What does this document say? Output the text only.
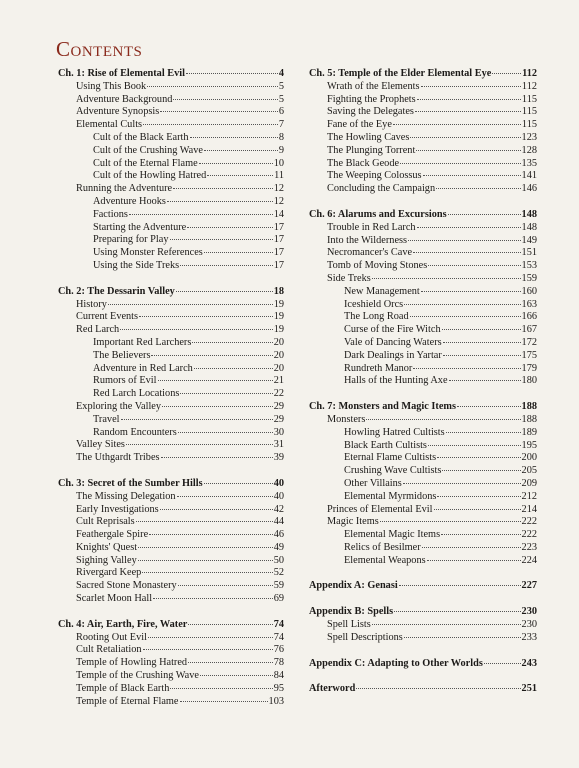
Contents
Ch. 1: Rise of Elemental Evil	4
Using This Book	5
Adventure Background	5
Adventure Synopsis	6
Elemental Cults	7
Cult of the Black Earth	8
Cult of the Crushing Wave	9
Cult of the Eternal Flame	10
Cult of the Howling Hatred	11
Running the Adventure	12
Adventure Hooks	12
Factions	14
Starting the Adventure	17
Preparing for Play	17
Using Monster References	17
Using the Side Treks	17
Ch. 2: The Dessarin Valley	18
History	19
Current Events	19
Red Larch	19
Important Red Larchers	20
The Believers	20
Adventure in Red Larch	20
Rumors of Evil	21
Red Larch Locations	22
Exploring the Valley	29
Travel	29
Random Encounters	30
Valley Sites	31
The Uthgardt Tribes	39
Ch. 3: Secret of the Sumber Hills	40
The Missing Delegation	40
Early Investigations	42
Cult Reprisals	44
Feathergale Spire	46
Knights' Quest	49
Sighing Valley	50
Rivergard Keep	52
Sacred Stone Monastery	59
Scarlet Moon Hall	69
Ch. 4: Air, Earth, Fire, Water	74
Rooting Out Evil	74
Cult Retaliation	76
Temple of Howling Hatred	78
Temple of the Crushing Wave	84
Temple of Black Earth	95
Temple of Eternal Flame	103
Ch. 5: Temple of the Elder Elemental Eye	112
Wrath of the Elements	112
Fighting the Prophets	115
Saving the Delegates	115
Fane of the Eye	115
The Howling Caves	123
The Plunging Torrent	128
The Black Geode	135
The Weeping Colossus	141
Concluding the Campaign	146
Ch. 6: Alarums and Excursions	148
Trouble in Red Larch	148
Into the Wilderness	149
Necromancer's Cave	151
Tomb of Moving Stones	153
Side Treks	159
New Management	160
Iceshield Orcs	163
The Long Road	166
Curse of the Fire Witch	167
Vale of Dancing Waters	172
Dark Dealings in Yartar	175
Rundreth Manor	179
Halls of the Hunting Axe	180
Ch. 7: Monsters and Magic Items	188
Monsters	188
Howling Hatred Cultists	189
Black Earth Cultists	195
Eternal Flame Cultists	200
Crushing Wave Cultists	205
Other Villains	209
Elemental Myrmidons	212
Princes of Elemental Evil	214
Magic Items	222
Elemental Magic Items	222
Relics of Besilmer	223
Elemental Weapons	224
Appendix A: Genasi	227
Appendix B: Spells	230
Spell Lists	230
Spell Descriptions	233
Appendix C: Adapting to Other Worlds	243
Afterword	251
